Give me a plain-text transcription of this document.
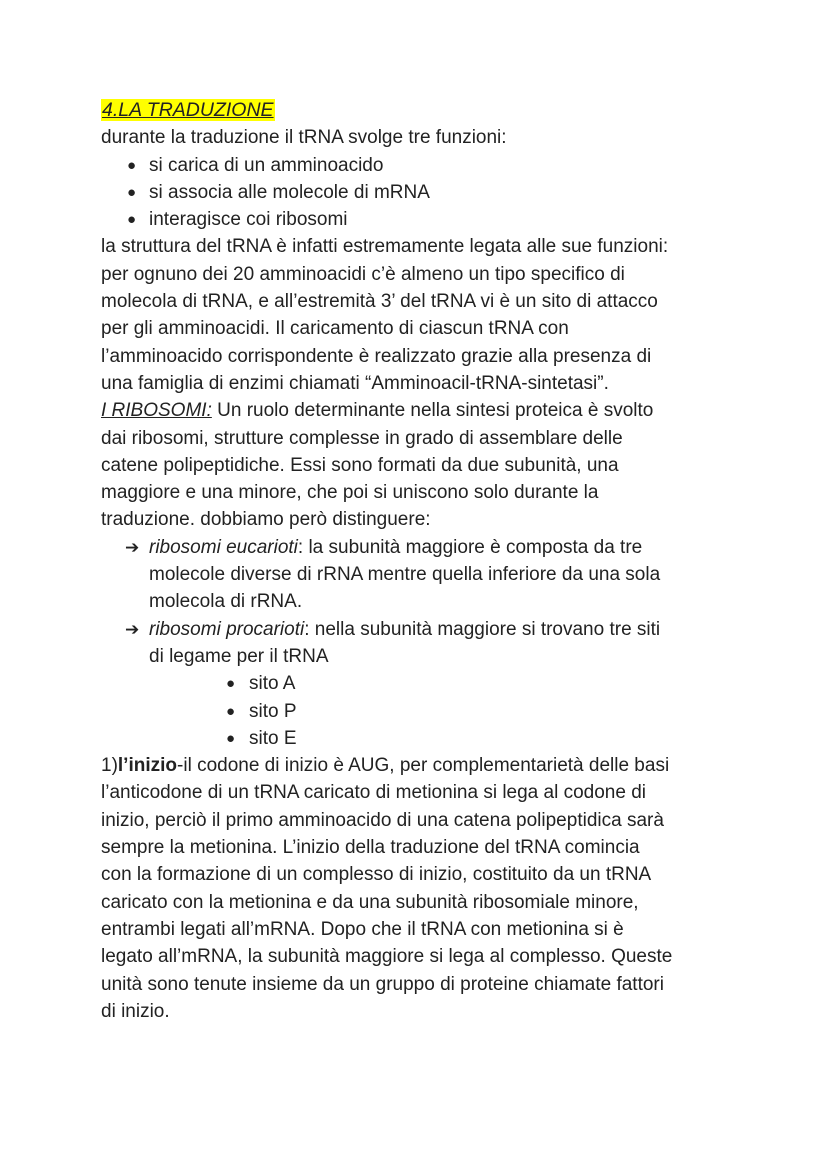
4.LA TRADUZIONE
durante la traduzione il tRNA svolge tre funzioni:
● si carica di un amminoacido
● si associa alle molecole di mRNA
● interagisce coi ribosomi
la struttura del tRNA è infatti estremamente legata alle sue funzioni:
per ognuno dei 20 amminoacidi c’è almeno un tipo specifico di
molecola di tRNA, e all’estremità 3’ del tRNA vi è un sito di attacco
per gli amminoacidi. Il caricamento di ciascun tRNA con
l’amminoacido corrispondente è realizzato grazie alla presenza di
una famiglia di enzimi chiamati “Amminoacil-tRNA-sintetasi”.
I RIBOSOMI: Un ruolo determinante nella sintesi proteica è svolto
dai ribosomi, strutture complesse in grado di assemblare delle
catene polipeptidiche. Essi sono formati da due subunità, una
maggiore e una minore, che poi si uniscono solo durante la
traduzione. dobbiamo però distinguere:
➔ ribosomi eucarioti: la subunità maggiore è composta da tre
molecole diverse di rRNA mentre quella inferiore da una sola
molecola di rRNA.
➔ ribosomi procarioti: nella subunità maggiore si trovano tre siti
di legame per il tRNA
● sito A
● sito P
● sito E
1)l’inizio-il codone di inizio è AUG, per complementarietà delle basi
l’anticodone di un tRNA caricato di metionina si lega al codone di
inizio, perciò il primo amminoacido di una catena polipeptidica sarà
sempre la metionina. L’inizio della traduzione del tRNA comincia
con la formazione di un complesso di inizio, costituito da un tRNA
caricato con la metionina e da una subunità ribosomiale minore,
entrambi legati all’mRNA. Dopo che il tRNA con metionina si è
legato all’mRNA, la subunità maggiore si lega al complesso. Queste
unità sono tenute insieme da un gruppo di proteine chiamate fattori
di inizio.
